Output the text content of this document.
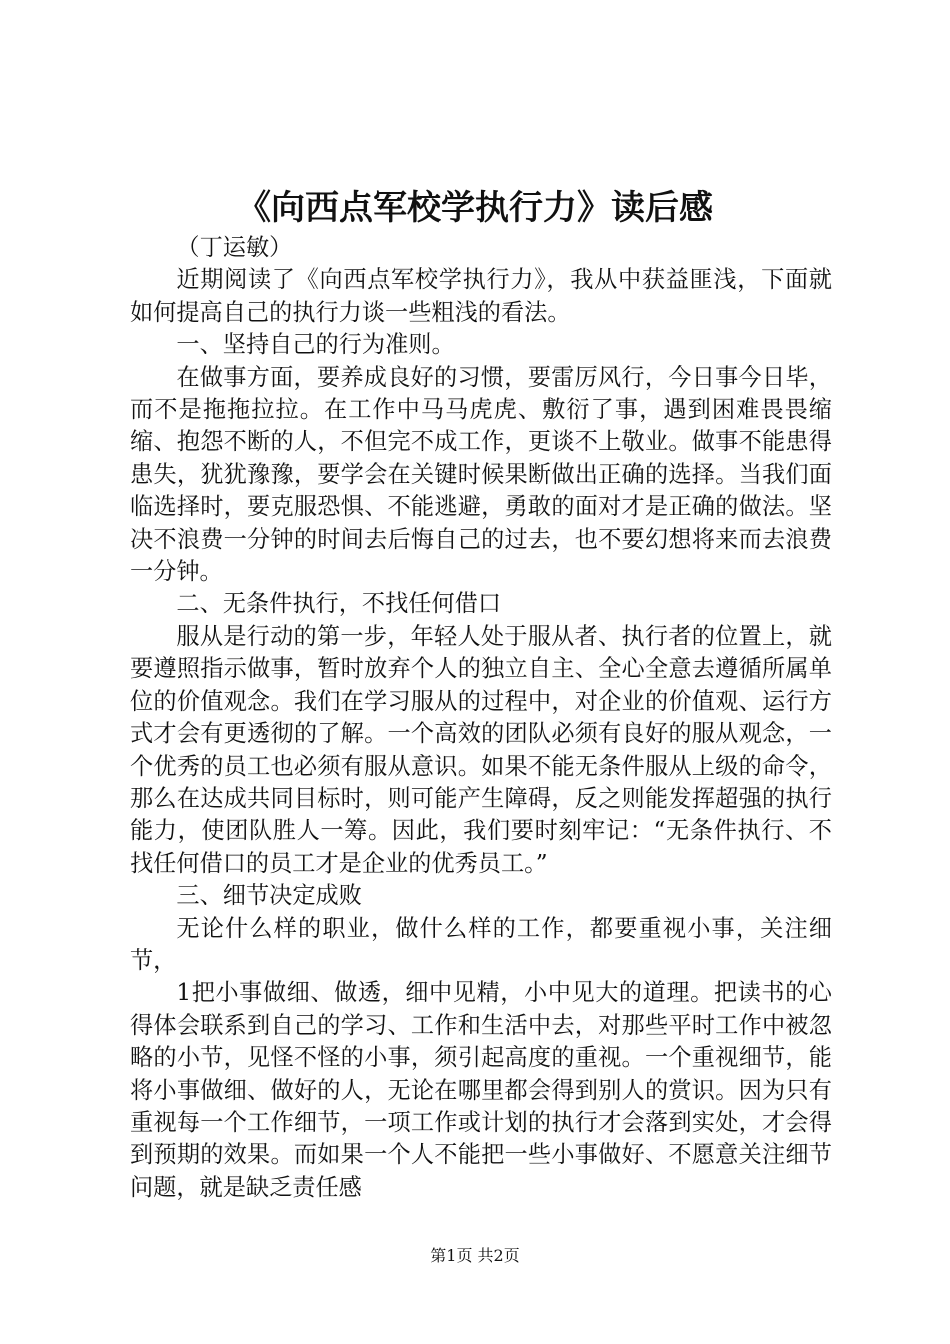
《向西点军校学执行力》读后感

（丁运敏）

近期阅读了《向西点军校学执行力》，我从中获益匪浅，下面就如何提高自己的执行力谈一些粗浅的看法。

一、坚持自己的行为准则。

在做事方面，要养成良好的习惯，要雷厉风行，今日事今日毕，而不是拖拖拉拉。在工作中马马虎虎、敷衍了事，遇到困难畏畏缩缩、抱怨不断的人，不但完不成工作，更谈不上敬业。做事不能患得患失，犹犹豫豫，要学会在关键时候果断做出正确的选择。当我们面临选择时，要克服恐惧、不能逃避，勇敢的面对才是正确的做法。坚决不浪费一分钟的时间去后悔自己的过去，也不要幻想将来而去浪费一分钟。

二、无条件执行，不找任何借口

服从是行动的第一步，年轻人处于服从者、执行者的位置上，就要遵照指示做事，暂时放弃个人的独立自主、全心全意去遵循所属单位的价值观念。我们在学习服从的过程中，对企业的价值观、运行方式才会有更透彻的了解。一个高效的团队必须有良好的服从观念，一个优秀的员工也必须有服从意识。如果不能无条件服从上级的命令，那么在达成共同目标时，则可能产生障碍，反之则能发挥超强的执行能力，使团队胜人一筹。因此，我们要时刻牢记：“无条件执行、不找任何借口的员工才是企业的优秀员工。”

三、细节决定成败

无论什么样的职业，做什么样的工作，都要重视小事，关注细节，

1把小事做细、做透，细中见精，小中见大的道理。把读书的心得体会联系到自己的学习、工作和生活中去，对那些平时工作中被忽略的小节，见怪不怪的小事，须引起高度的重视。一个重视细节，能将小事做细、做好的人，无论在哪里都会得到别人的赏识。因为只有重视每一个工作细节，一项工作或计划的执行才会落到实处，才会得到预期的效果。而如果一个人不能把一些小事做好、不愿意关注细节问题，就是缺乏责任感

第1页 共2页
